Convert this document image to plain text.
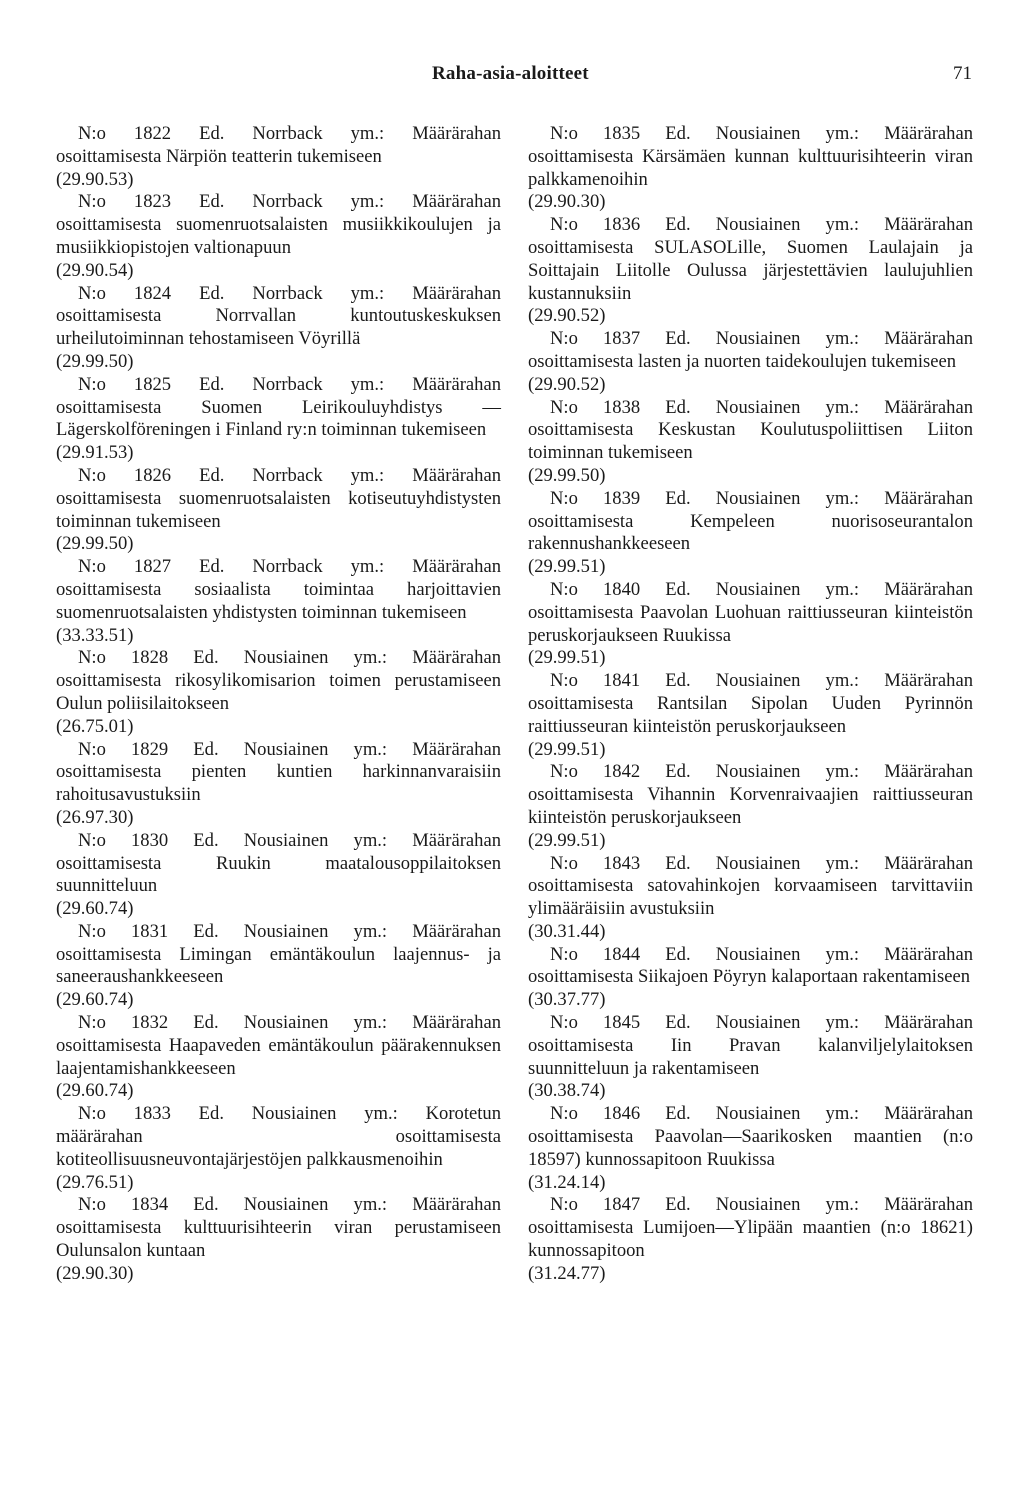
Raha-asia-aloitteet	71

N:o 1822 Ed. Norrback ym.: Määrärahan
osoittamisesta Närpiön teatterin tukemiseen
(29.90.53)

N:o 1823 Ed. Norrback ym.: Määrärahan
osoittamisesta suomenruotsalaisten musiikkikoulujen ja musiikkiopistojen valtionapuun
(29.90.54)

N:o 1824 Ed. Norrback ym.: Määrärahan
osoittamisesta Norrvallan kuntoutuskeskuksen urheilutoiminnan tehostamiseen Vöyrillä
(29.99.50)

N:o 1825 Ed. Norrback ym.: Määrärahan
osoittamisesta Suomen Leirikouluyhdistys — Lägerskolföreningen i Finland ry:n toiminnan tukemiseen
(29.91.53)

N:o 1826 Ed. Norrback ym.: Määrärahan
osoittamisesta suomenruotsalaisten kotiseutuyhdistysten toiminnan tukemiseen
(29.99.50)

N:o 1827 Ed. Norrback ym.: Määrärahan
osoittamisesta sosiaalista toimintaa harjoittavien suomenruotsalaisten yhdistysten toiminnan tukemiseen
(33.33.51)

N:o 1828 Ed. Nousiainen ym.: Määrärahan
osoittamisesta rikosylikomisarion toimen perustamiseen Oulun poliisilaitokseen
(26.75.01)

N:o 1829 Ed. Nousiainen ym.: Määrärahan
osoittamisesta pienten kuntien harkinnanvaraisiin rahoitusavustuksiin
(26.97.30)

N:o 1830 Ed. Nousiainen ym.: Määrärahan
osoittamisesta Ruukin maatalousoppilaitoksen suunnitteluun
(29.60.74)

N:o 1831 Ed. Nousiainen ym.: Määrärahan
osoittamisesta Limingan emäntäkoulun laajennus- ja saneeraushankkeeseen
(29.60.74)

N:o 1832 Ed. Nousiainen ym.: Määrärahan
osoittamisesta Haapaveden emäntäkoulun päärakennuksen laajentamishankkeeseen
(29.60.74)

N:o 1833 Ed. Nousiainen ym.: Korotetun
määrärahan osoittamisesta kotiteollisuusneuvontajärjestöjen palkkausmenoihin
(29.76.51)

N:o 1834 Ed. Nousiainen ym.: Määrärahan
osoittamisesta kulttuurisihteerin viran perustamiseen Oulunsalon kuntaan
(29.90.30)

N:o 1835 Ed. Nousiainen ym.: Määrärahan
osoittamisesta Kärsämäen kunnan kulttuurisihteerin viran palkkamenoihin
(29.90.30)

N:o 1836 Ed. Nousiainen ym.: Määrärahan
osoittamisesta SULASOLille, Suomen Laulajain ja Soittajain Liitolle Oulussa järjestettävien laulujuhlien kustannuksiin
(29.90.52)

N:o 1837 Ed. Nousiainen ym.: Määrärahan
osoittamisesta lasten ja nuorten taidekoulujen tukemiseen
(29.90.52)

N:o 1838 Ed. Nousiainen ym.: Määrärahan
osoittamisesta Keskustan Koulutuspoliittisen Liiton toiminnan tukemiseen
(29.99.50)

N:o 1839 Ed. Nousiainen ym.: Määrärahan
osoittamisesta Kempeleen nuorisoseurantalon rakennushankkeeseen
(29.99.51)

N:o 1840 Ed. Nousiainen ym.: Määrärahan
osoittamisesta Paavolan Luohuan raittiusseuran kiinteistön peruskorjaukseen Ruukissa
(29.99.51)

N:o 1841 Ed. Nousiainen ym.: Määrärahan
osoittamisesta Rantsilan Sipolan Uuden Pyrinnön raittiusseuran kiinteistön peruskorjaukseen
(29.99.51)

N:o 1842 Ed. Nousiainen ym.: Määrärahan
osoittamisesta Vihannin Korvenraivaajien raittiusseuran kiinteistön peruskorjaukseen
(29.99.51)

N:o 1843 Ed. Nousiainen ym.: Määrärahan
osoittamisesta satovahinkojen korvaamiseen tarvittaviin ylimääräisiin avustuksiin
(30.31.44)

N:o 1844 Ed. Nousiainen ym.: Määrärahan
osoittamisesta Siikajoen Pöyryn kalaportaan rakentamiseen
(30.37.77)

N:o 1845 Ed. Nousiainen ym.: Määrärahan
osoittamisesta Iin Pravan kalanviljelylaitoksen suunnitteluun ja rakentamiseen
(30.38.74)

N:o 1846 Ed. Nousiainen ym.: Määrärahan
osoittamisesta Paavolan—Saarikosken maantien (n:o 18597) kunnossapitoon Ruukissa
(31.24.14)

N:o 1847 Ed. Nousiainen ym.: Määrärahan
osoittamisesta Lumijoen—Ylipään maantien (n:o 18621) kunnossapitoon
(31.24.77)
